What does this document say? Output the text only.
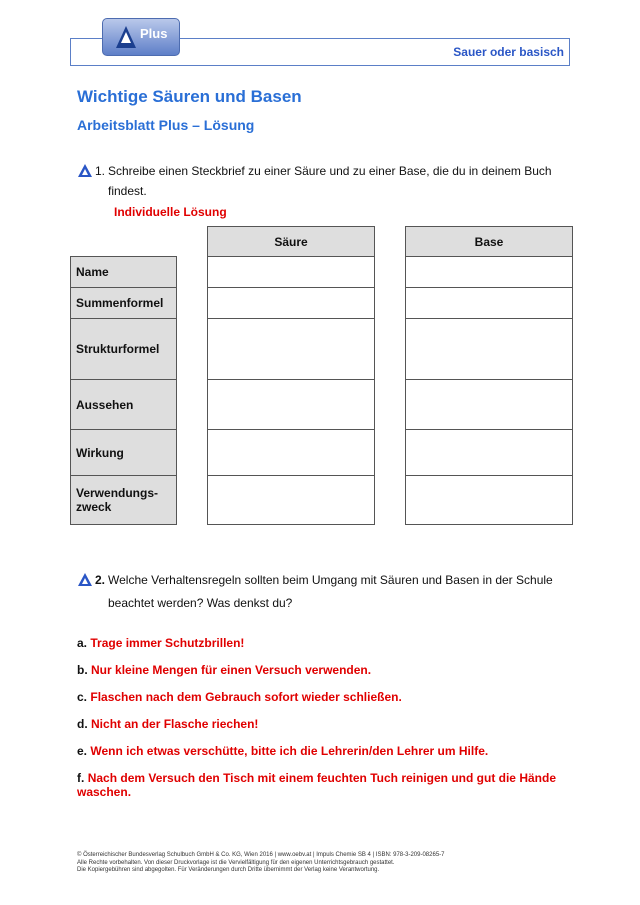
Plus
Sauer oder basisch
Wichtige Säuren und Basen
Arbeitsblatt Plus – Lösung
1. Schreibe einen Steckbrief zu einer Säure und zu einer Base, die du in deinem Buch
findest.
Individuelle Lösung
Säure	Base
Name
Summenformel
Strukturformel
Aussehen
Wirkung
Verwendungs-
zweck
2. Welche Verhaltensregeln sollten beim Umgang mit Säuren und Basen in der Schule
beachtet werden? Was denkst du?
a. Trage immer Schutzbrillen!
b. Nur kleine Mengen für einen Versuch verwenden.
c. Flaschen nach dem Gebrauch sofort wieder schließen.
d. Nicht an der Flasche riechen!
e. Wenn ich etwas verschütte, bitte ich die Lehrerin/den Lehrer um Hilfe.
f. Nach dem Versuch den Tisch mit einem feuchten Tuch reinigen und gut die Hände
waschen.
© Österreichischer Bundesverlag Schulbuch GmbH & Co. KG, Wien 2016 | www.oebv.at | Impuls Chemie SB 4 | ISBN: 978-3-209-08265-7
Alle Rechte vorbehalten. Von dieser Druckvorlage ist die Vervielfältigung für den eigenen Unterrichtsgebrauch gestattet.
Die Kopiergebühren sind abgegolten. Für Veränderungen durch Dritte übernimmt der Verlag keine Verantwortung.
